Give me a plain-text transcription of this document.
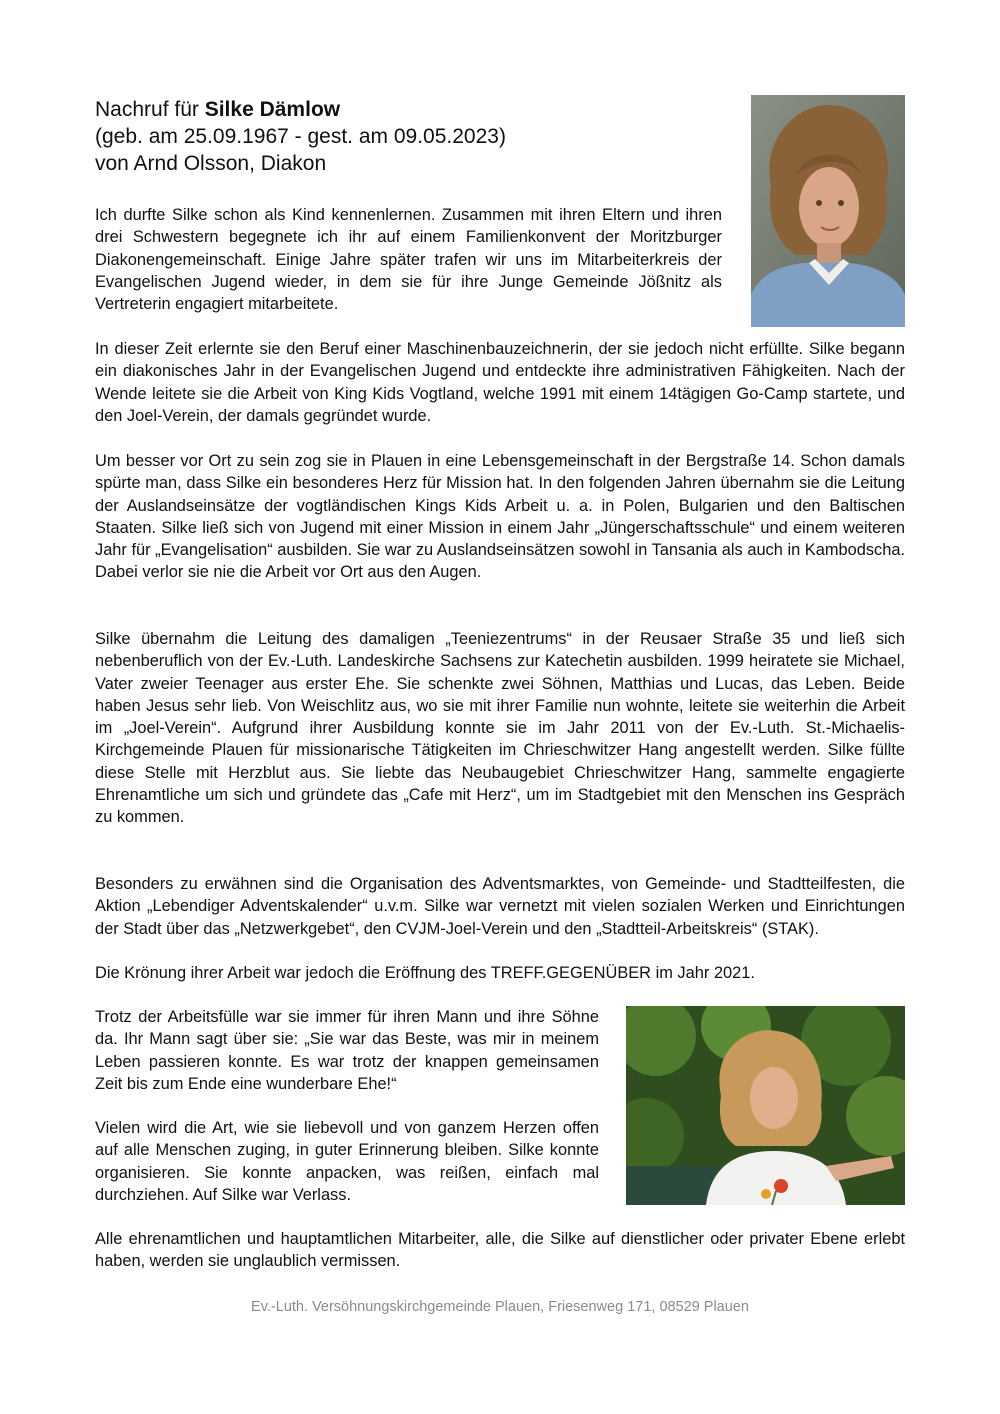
Nachruf für Silke Dämlow
(geb. am 25.09.1967 - gest. am 09.05.2023)
von Arnd Olsson, Diakon

Ich durfte Silke schon als Kind kennenlernen. Zusammen mit ihren Eltern und ihren drei Schwestern begegnete ich ihr auf einem Familienkonvent der Moritzburger Diakonengemeinschaft. Einige Jahre später trafen wir uns im Mitarbeiterkreis der Evangelischen Jugend wieder, in dem sie für ihre Junge Gemeinde Jößnitz als Vertreterin engagiert mitarbeitete.

In dieser Zeit erlernte sie den Beruf einer Maschinenbauzeichnerin, der sie jedoch nicht erfüllte. Silke begann ein diakonisches Jahr in der Evangelischen Jugend und entdeckte ihre administrativen Fähigkeiten. Nach der Wende leitete sie die Arbeit von King Kids Vogtland, welche 1991 mit einem 14tägigen Go-Camp startete, und den Joel-Verein, der damals gegründet wurde.

Um besser vor Ort zu sein zog sie in Plauen in eine Lebensgemeinschaft in der Bergstraße 14. Schon damals spürte man, dass Silke ein besonderes Herz für Mission hat. In den folgenden Jahren übernahm sie die Leitung der Auslandseinsätze der vogtländischen Kings Kids Arbeit u. a. in Polen, Bulgarien und den Baltischen Staaten. Silke ließ sich von Jugend mit einer Mission in einem Jahr „Jüngerschaftsschule“ und einem weiteren Jahr für „Evangelisation“ ausbilden. Sie war zu Auslandseinsätzen sowohl in Tansania als auch in Kambodscha. Dabei verlor sie nie die Arbeit vor Ort aus den Augen.

Silke übernahm die Leitung des damaligen „Teeniezentrums“ in der Reusaer Straße 35 und ließ sich nebenberuflich von der Ev.-Luth. Landeskirche Sachsens zur Katechetin ausbilden. 1999 heiratete sie Michael, Vater zweier Teenager aus erster Ehe. Sie schenkte zwei Söhnen, Matthias und Lucas, das Leben. Beide haben Jesus sehr lieb. Von Weischlitz aus, wo sie mit ihrer Familie nun wohnte, leitete sie weiterhin die Arbeit im „Joel-Verein“. Aufgrund ihrer Ausbildung konnte sie im Jahr 2011 von der Ev.-Luth. St.-Michaelis-Kirchgemeinde Plauen für missionarische Tätigkeiten im Chrieschwitzer Hang angestellt werden. Silke füllte diese Stelle mit Herzblut aus. Sie liebte das Neubaugebiet Chrieschwitzer Hang, sammelte engagierte Ehrenamtliche um sich und gründete das „Cafe mit Herz“, um im Stadtgebiet mit den Menschen ins Gespräch zu kommen.

Besonders zu erwähnen sind die Organisation des Adventsmarktes, von Gemeinde- und Stadtteilfesten, die Aktion „Lebendiger Adventskalender“ u.v.m. Silke war vernetzt mit vielen sozialen Werken und Einrichtungen der Stadt über das „Netzwerkgebet“, den CVJM-Joel-Verein und den „Stadtteil-Arbeitskreis“ (STAK).

Die Krönung ihrer Arbeit war jedoch die Eröffnung des TREFF.GEGENÜBER im Jahr 2021.

Trotz der Arbeitsfülle war sie immer für ihren Mann und ihre Söhne da. Ihr Mann sagt über sie: „Sie war das Beste, was mir in meinem Leben passieren konnte. Es war trotz der knappen gemeinsamen Zeit bis zum Ende eine wunderbare Ehe!“

Vielen wird die Art, wie sie liebevoll und von ganzem Herzen offen auf alle Menschen zuging, in guter Erinnerung bleiben. Silke konnte organisieren. Sie konnte anpacken, was reißen, einfach mal durchziehen. Auf Silke war Verlass.

Alle ehrenamtlichen und hauptamtlichen Mitarbeiter, alle, die Silke auf dienstlicher oder privater Ebene erlebt haben, werden sie unglaublich vermissen.

Ev.-Luth. Versöhnungskirchgemeinde Plauen, Friesenweg 171, 08529 Plauen
